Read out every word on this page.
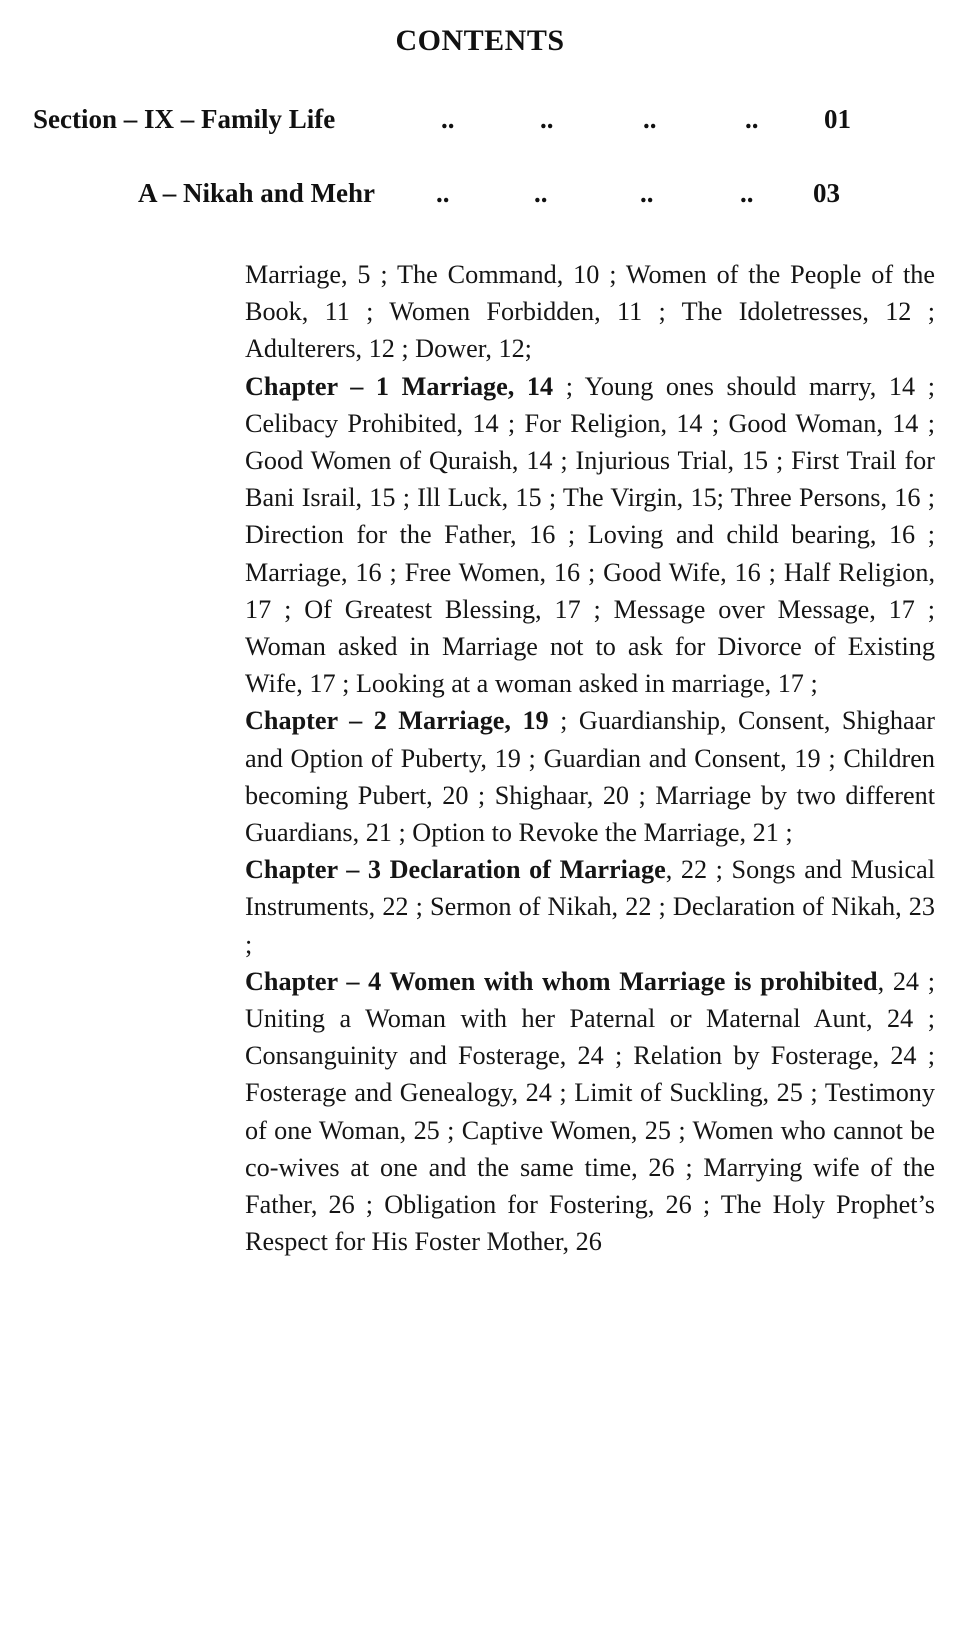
CONTENTS
Section – IX – Family Life	..	..	..	.. 01
A – Nikah and Mehr ..	..	..	.. 03

Marriage, 5 ; The Command, 10 ; Women of the People of the Book, 11 ; Women Forbidden, 11 ; The Idoletresses, 12 ; Adulterers, 12 ; Dower, 12;

Chapter – 1 Marriage, 14 ; Young ones should marry, 14 ; Celibacy Prohibited, 14 ; For Religion, 14 ; Good Woman, 14 ; Good Women of Quraish, 14 ; Injurious Trial, 15 ; First Trail for Bani Israil, 15 ; Ill Luck, 15 ; The Virgin, 15; Three Persons, 16 ; Direction for the Father, 16 ; Loving and child bearing, 16 ; Marriage, 16 ; Free Women, 16 ; Good Wife, 16 ; Half Religion, 17 ; Of Greatest Blessing, 17 ; Message over Message, 17 ; Woman asked in Marriage not to ask for Divorce of Existing Wife, 17 ; Looking at a woman asked in marriage, 17 ;

Chapter – 2 Marriage, 19 ; Guardianship, Consent, Shighaar and Option of Puberty, 19 ; Guardian and Consent, 19 ; Children becoming Pubert, 20 ; Shighaar, 20 ; Marriage by two different Guardians, 21 ; Option to Revoke the Marriage, 21 ;

Chapter – 3 Declaration of Marriage, 22 ; Songs and Musical Instruments, 22 ; Sermon of Nikah, 22 ; Declaration of Nikah, 23 ;

Chapter – 4 Women with whom Marriage is prohibited, 24 ; Uniting a Woman with her Paternal or Maternal Aunt, 24 ; Consanguinity and Fosterage, 24 ; Relation by Fosterage, 24 ; Fosterage and Genealogy, 24 ; Limit of Suckling, 25 ; Testimony of one Woman, 25 ; Captive Women, 25 ; Women who cannot be co-wives at one and the same time, 26 ; Marrying wife of the Father, 26 ; Obligation for Fostering, 26 ; The Holy Prophet’s Respect for His Foster Mother, 26
